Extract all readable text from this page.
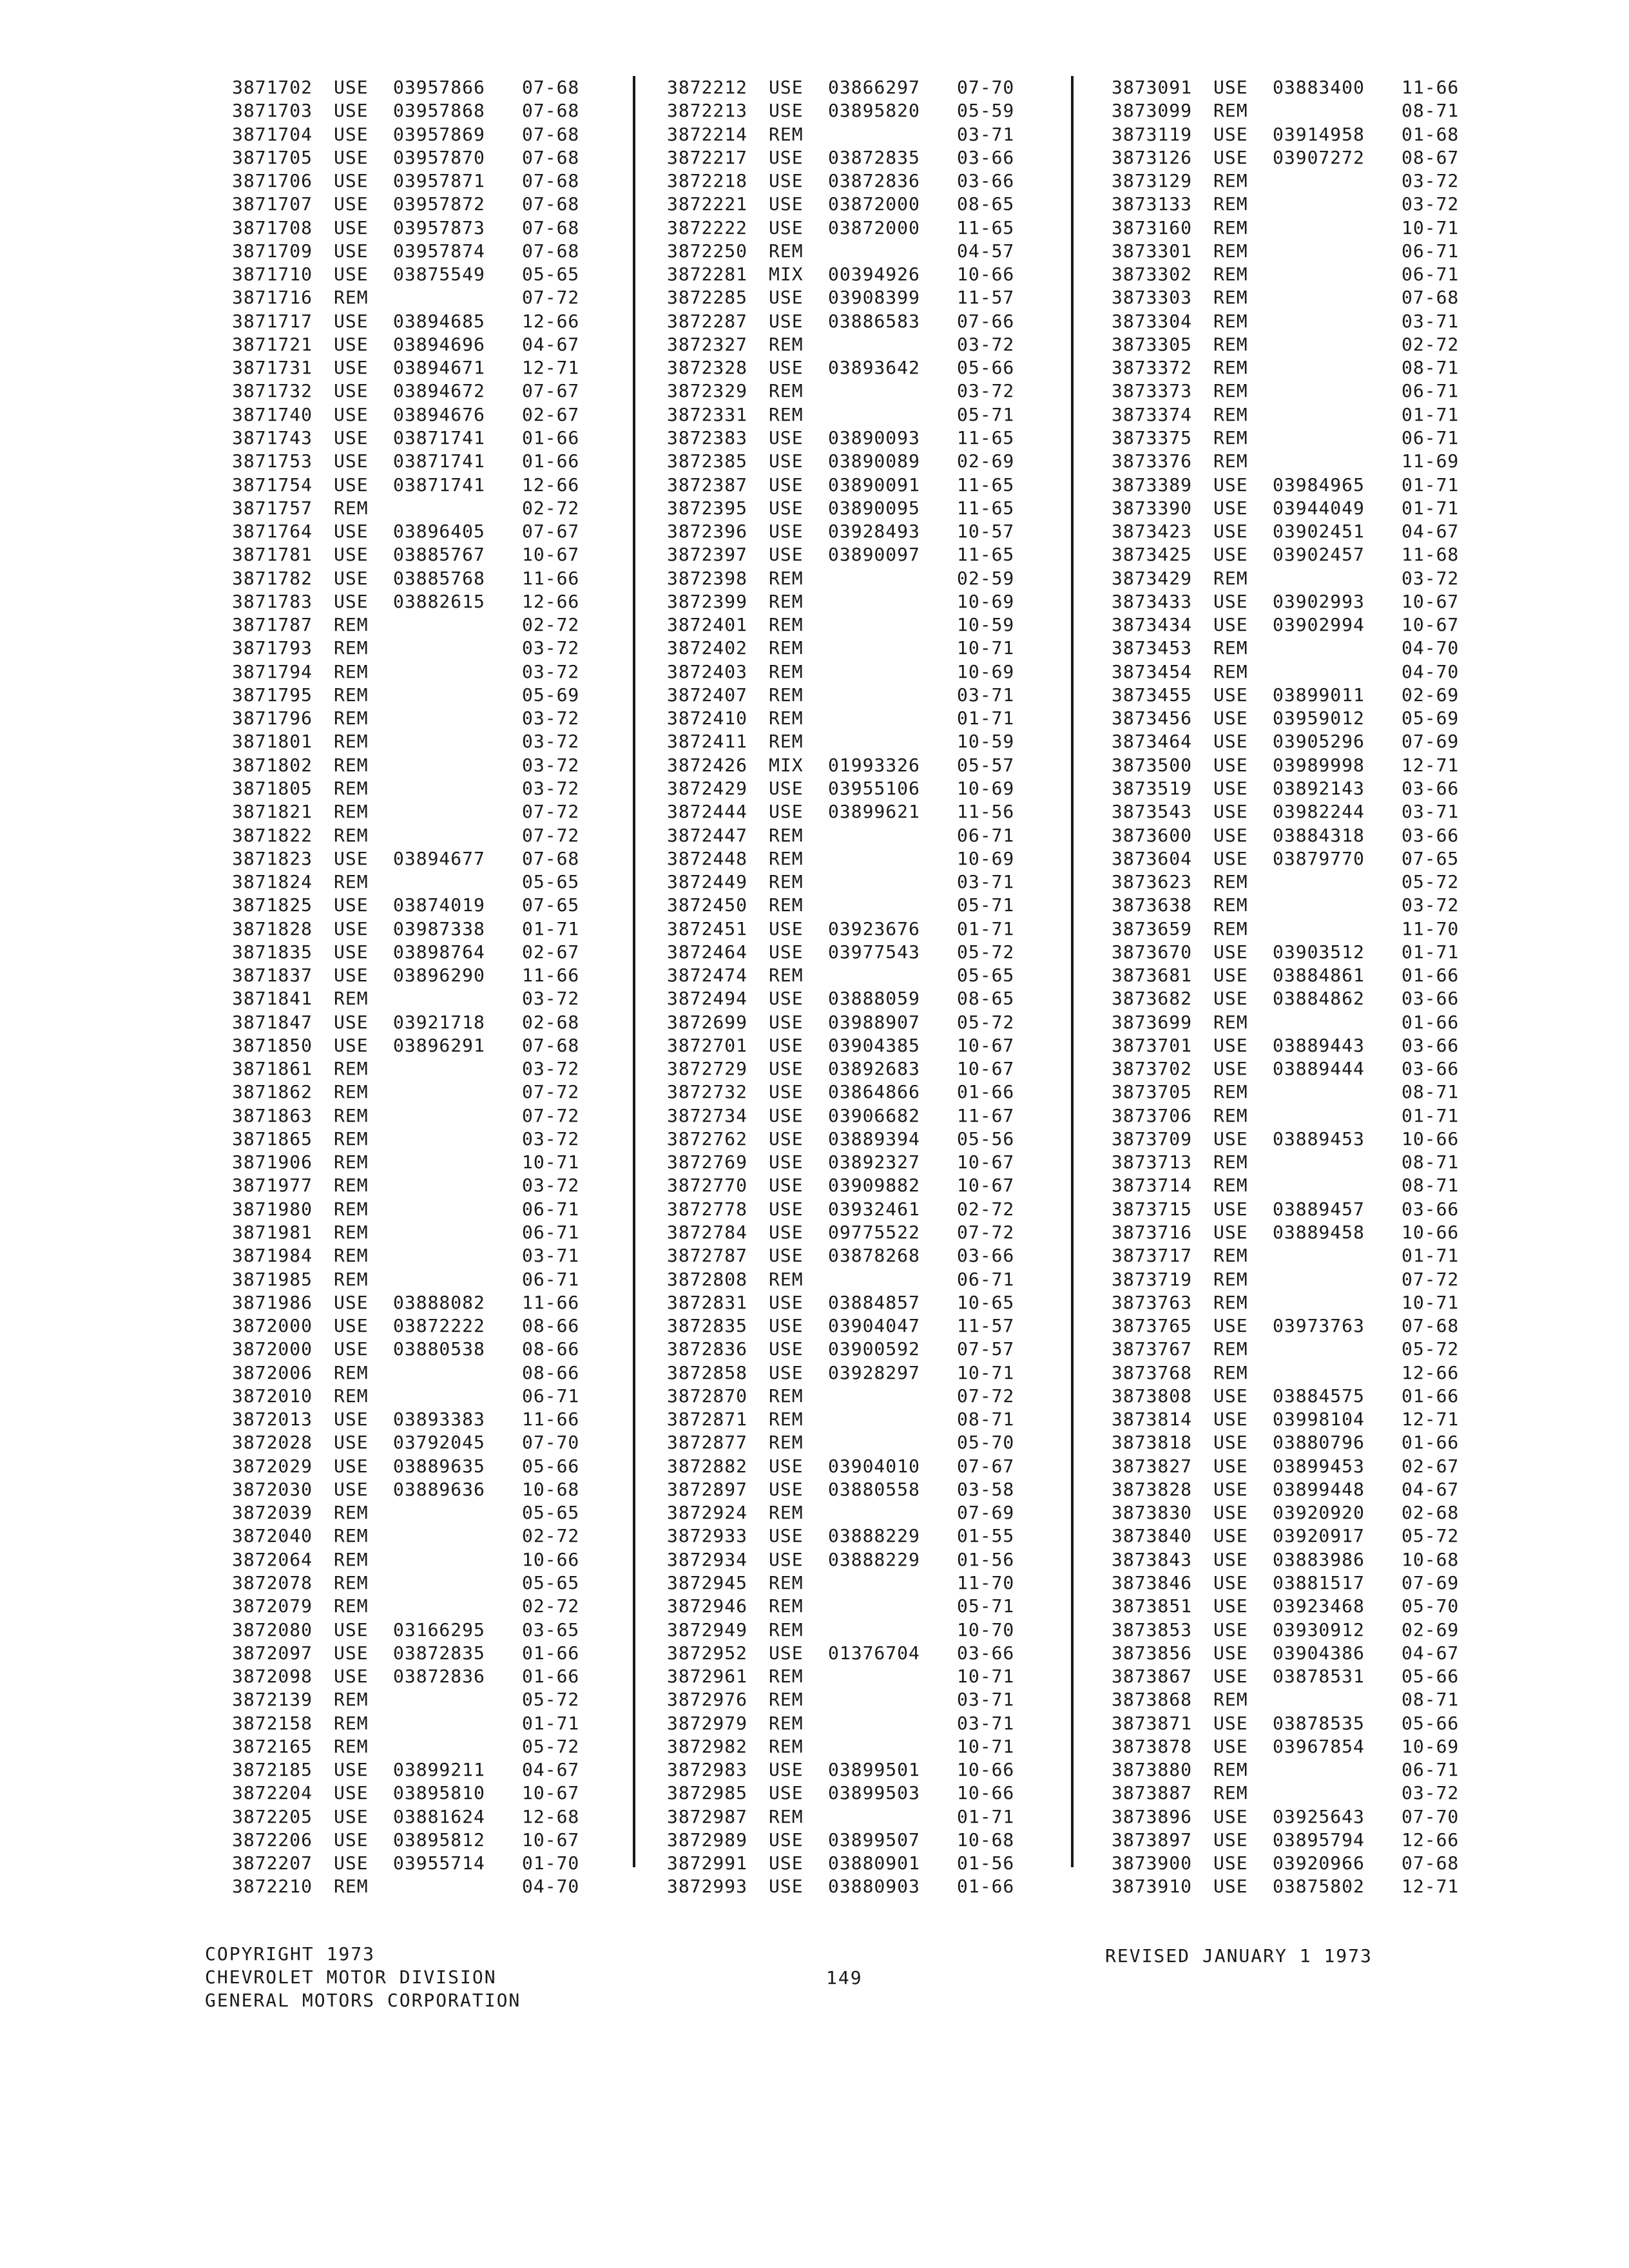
3871702 USE 03957866 07-68
3871703 USE 03957868 07-68
3871704 USE 03957869 07-68
3871705 USE 03957870 07-68
3871706 USE 03957871 07-68
3871707 USE 03957872 07-68
3871708 USE 03957873 07-68
3871709 USE 03957874 07-68
3871710 USE 03875549 05-65
3871716 REM	07-72
3871717 USE 03894685 12-66
3871721 USE 03894696 04-67
3871731 USE 03894671 12-71
3871732 USE 03894672 07-67
3871740 USE 03894676 02-67
3871743 USE 03871741 01-66
3871753 USE 03871741 01-66
3871754 USE 03871741 12-66
3871757 REM	02-72
3871764 USE 03896405 07-67
3871781 USE 03885767 10-67
3871782 USE 03885768 11-66
3871783 USE 03882615 12-66
3871787 REM	02-72
3871793 REM	03-72
3871794 REM	03-72
3871795 REM	05-69
3871796 REM	03-72
3871801 REM	03-72
3871802 REM	03-72
3871805 REM	03-72
3871821 REM	07-72
3871822 REM	07-72
3871823 USE 03894677 07-68
3871824 REM	05-65
3871825 USE 03874019 07-65
3871828 USE 03987338 01-71
3871835 USE 03898764 02-67
3871837 USE 03896290 11-66
3871841 REM	03-72
3871847 USE 03921718 02-68
3871850 USE 03896291 07-68
3871861 REM	03-72
3871862 REM	07-72
3871863 REM	07-72
3871865 REM	03-72
3871906 REM	10-71
3871977 REM	03-72
3871980 REM	06-71
3871981 REM	06-71
3871984 REM	03-71
3871985 REM	06-71
3871986 USE 03888082 11-66
3872000 USE 03872222 08-66
3872000 USE 03880538 08-66
3872006 REM	08-66
3872010 REM	06-71
3872013 USE 03893383 11-66
3872028 USE 03792045 07-70
3872029 USE 03889635 05-66
3872030 USE 03889636 10-68
3872039 REM	05-65
3872040 REM	02-72
3872064 REM	10-66
3872078 REM	05-65
3872079 REM	02-72
3872080 USE 03166295 03-65
3872097 USE 03872835 01-66
3872098 USE 03872836 01-66
3872139 REM	05-72
3872158 REM	01-71
3872165 REM	05-72
3872185 USE 03899211 04-67
3872204 USE 03895810 10-67
3872205 USE 03881624 12-68
3872206 USE 03895812 10-67
3872207 USE 03955714 01-70
3872210 REM	04-70
3872212 USE 03866297 07-70
3872213 USE 03895820 05-59
3872214 REM	03-71
3872217 USE 03872835 03-66
3872218 USE 03872836 03-66
3872221 USE 03872000 08-65
3872222 USE 03872000 11-65
3872250 REM	04-57
3872281 MIX 00394926 10-66
3872285 USE 03908399 11-57
3872287 USE 03886583 07-66
3872327 REM	03-72
3872328 USE 03893642 05-66
3872329 REM	03-72
3872331 REM	05-71
3872383 USE 03890093 11-65
3872385 USE 03890089 02-69
3872387 USE 03890091 11-65
3872395 USE 03890095 11-65
3872396 USE 03928493 10-57
3872397 USE 03890097 11-65
3872398 REM	02-59
3872399 REM	10-69
3872401 REM	10-59
3872402 REM	10-71
3872403 REM	10-69
3872407 REM	03-71
3872410 REM	01-71
3872411 REM	10-59
3872426 MIX 01993326 05-57
3872429 USE 03955106 10-69
3872444 USE 03899621 11-56
3872447 REM	06-71
3872448 REM	10-69
3872449 REM	03-71
3872450 REM	05-71
3872451 USE 03923676 01-71
3872464 USE 03977543 05-72
3872474 REM	05-65
3872494 USE 03888059 08-65
3872699 USE 03988907 05-72
3872701 USE 03904385 10-67
3872729 USE 03892683 10-67
3872732 USE 03864866 01-66
3872734 USE 03906682 11-67
3872762 USE 03889394 05-56
3872769 USE 03892327 10-67
3872770 USE 03909882 10-67
3872778 USE 03932461 02-72
3872784 USE 09775522 07-72
3872787 USE 03878268 03-66
3872808 REM	06-71
3872831 USE 03884857 10-65
3872835 USE 03904047 11-57
3872836 USE 03900592 07-57
3872858 USE 03928297 10-71
3872870 REM	07-72
3872871 REM	08-71
3872877 REM	05-70
3872882 USE 03904010 07-67
3872897 USE 03880558 03-58
3872924 REM	07-69
3872933 USE 03888229 01-55
3872934 USE 03888229 01-56
3872945 REM	11-70
3872946 REM	05-71
3872949 REM	10-70
3872952 USE 01376704 03-66
3872961 REM	10-71
3872976 REM	03-71
3872979 REM	03-71
3872982 REM	10-71
3872983 USE 03899501 10-66
3872985 USE 03899503 10-66
3872987 REM	01-71
3872989 USE 03899507 10-68
3872991 USE 03880901 01-56
3872993 USE 03880903 01-66
3873091 USE 03883400 11-66
3873099 REM	08-71
3873119 USE 03914958 01-68
3873126 USE 03907272 08-67
3873129 REM	03-72
3873133 REM	03-72
3873160 REM	10-71
3873301 REM	06-71
3873302 REM	06-71
3873303 REM	07-68
3873304 REM	03-71
3873305 REM	02-72
3873372 REM	08-71
3873373 REM	06-71
3873374 REM	01-71
3873375 REM	06-71
3873376 REM	11-69
3873389 USE 03984965 01-71
3873390 USE 03944049 01-71
3873423 USE 03902451 04-67
3873425 USE 03902457 11-68
3873429 REM	03-72
3873433 USE 03902993 10-67
3873434 USE 03902994 10-67
3873453 REM	04-70
3873454 REM	04-70
3873455 USE 03899011 02-69
3873456 USE 03959012 05-69
3873464 USE 03905296 07-69
3873500 USE 03989998 12-71
3873519 USE 03892143 03-66
3873543 USE 03982244 03-71
3873600 USE 03884318 03-66
3873604 USE 03879770 07-65
3873623 REM	05-72
3873638 REM	03-72
3873659 REM	11-70
3873670 USE 03903512 01-71
3873681 USE 03884861 01-66
3873682 USE 03884862 03-66
3873699 REM	01-66
3873701 USE 03889443 03-66
3873702 USE 03889444 03-66
3873705 REM	08-71
3873706 REM	01-71
3873709 USE 03889453 10-66
3873713 REM	08-71
3873714 REM	08-71
3873715 USE 03889457 03-66
3873716 USE 03889458 10-66
3873717 REM	01-71
3873719 REM	07-72
3873763 REM	10-71
3873765 USE 03973763 07-68
3873767 REM	05-72
3873768 REM	12-66
3873808 USE 03884575 01-66
3873814 USE 03998104 12-71
3873818 USE 03880796 01-66
3873827 USE 03899453 02-67
3873828 USE 03899448 04-67
3873830 USE 03920920 02-68
3873840 USE 03920917 05-72
3873843 USE 03883986 10-68
3873846 USE 03881517 07-69
3873851 USE 03923468 05-70
3873853 USE 03930912 02-69
3873856 USE 03904386 04-67
3873867 USE 03878531 05-66
3873868 REM	08-71
3873871 USE 03878535 05-66
3873878 USE 03967854 10-69
3873880 REM	06-71
3873887 REM	03-72
3873896 USE 03925643 07-70
3873897 USE 03895794 12-66
3873900 USE 03920966 07-68
3873910 USE 03875802 12-71
COPYRIGHT 1973
CHEVROLET MOTOR DIVISION
GENERAL MOTORS CORPORATION
149
REVISED JANUARY 1 1973
